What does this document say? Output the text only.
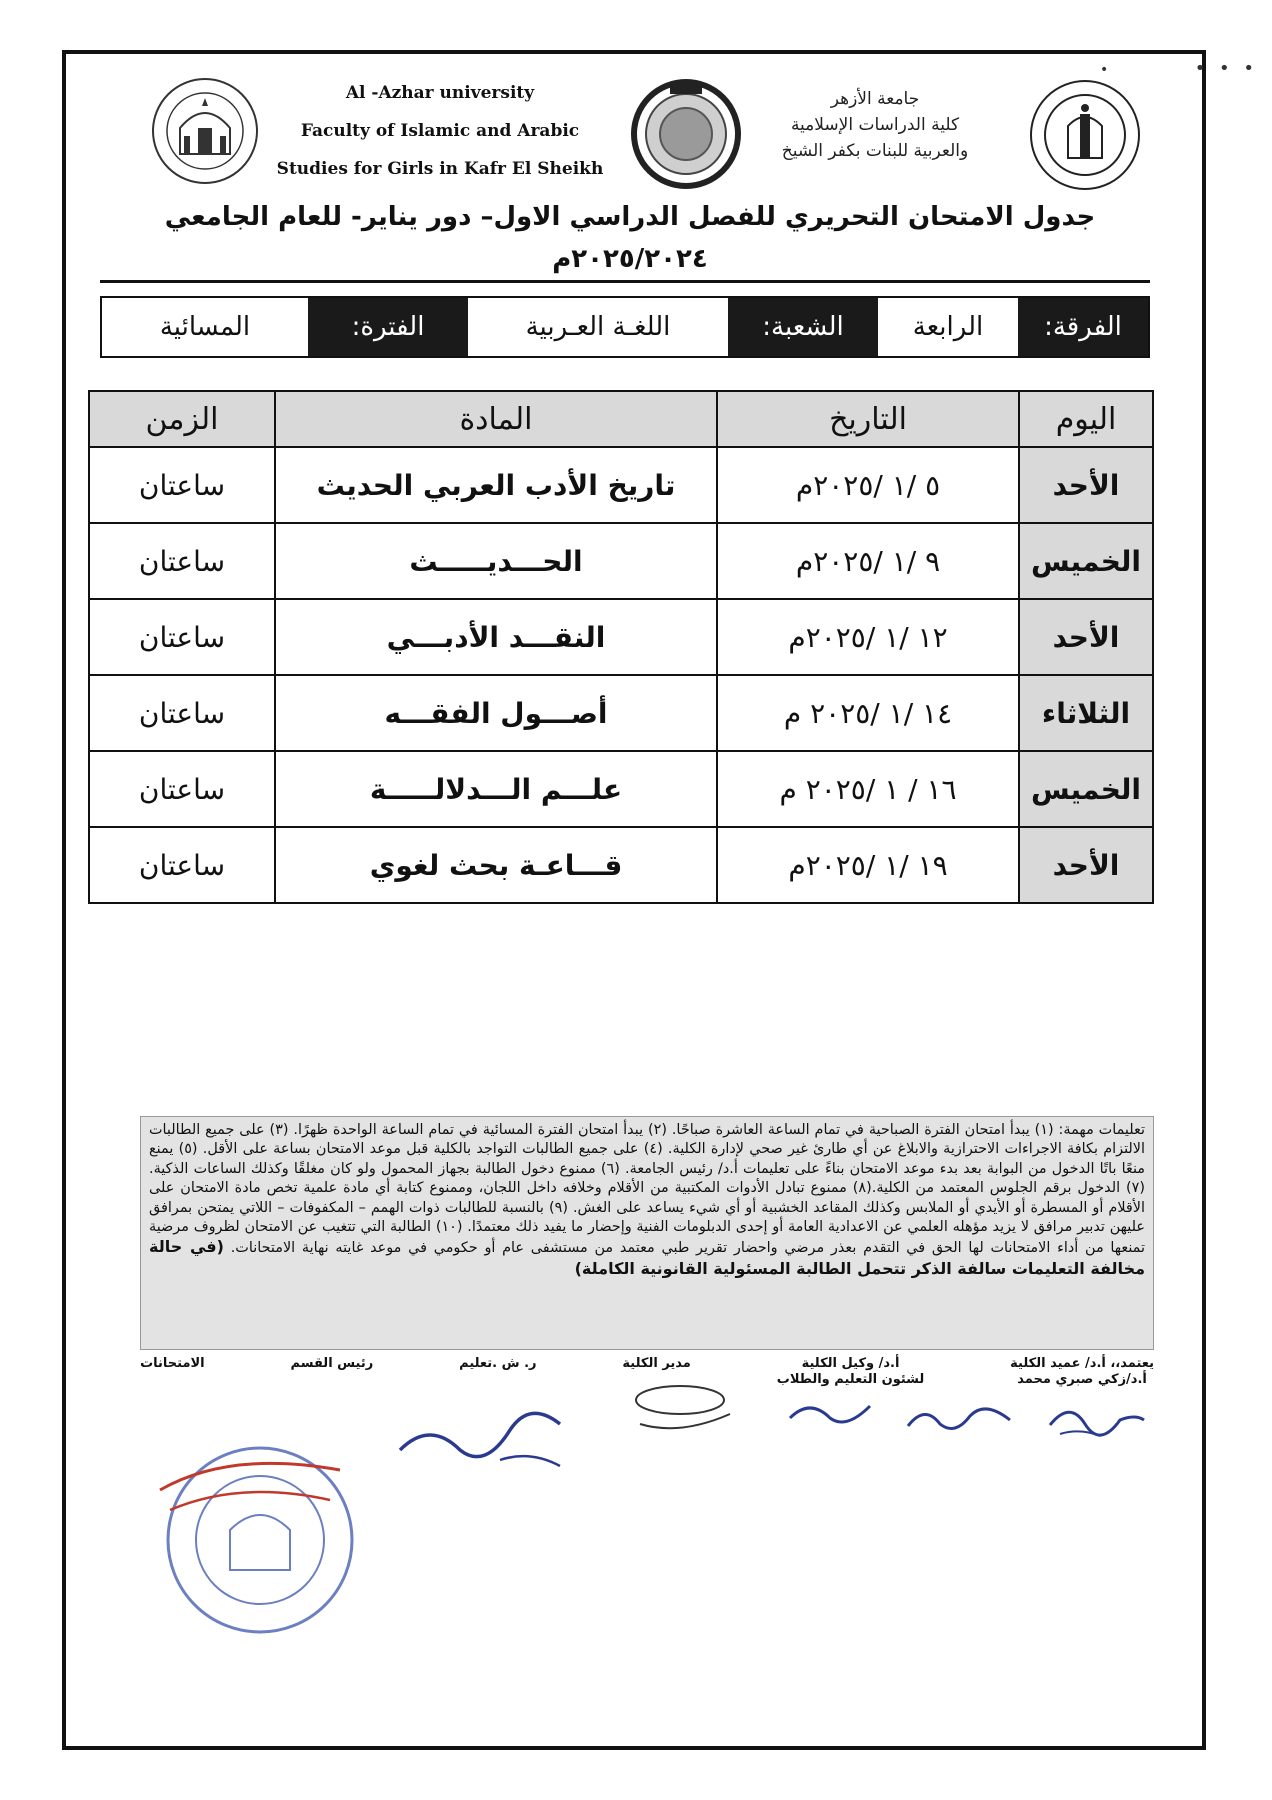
•
Al -Azhar university
Faculty of Islamic and Arabic
Studies for Girls in Kafr El Sheikh
جامعة الأزهر
كلية الدراسات الإسلامية
والعربية للبنات بكفر الشيخ
• • •
جدول الامتحان التحريري للفصل الدراسي الاول– دور يناير- للعام الجامعي
٢٠٢٥/٢٠٢٤م
الفرقة:
الرابعة
الشعبة:
اللغـة العـربية
الفترة:
المسائية
اليوم	التاريخ	المادة	الزمن
الأحد	٥ /١ /٢٠٢٥م	تاريخ الأدب العربي الحديث	ساعتان
الخميس	٩ /١ /٢٠٢٥م	الحـــديـــــث	ساعتان
الأحد	١٢ /١ /٢٠٢٥م	النقـــد الأدبـــي	ساعتان
الثلاثاء	١٤ /١ /٢٠٢٥ م	أصـــول الفقـــه	ساعتان
الخميس	١٦ / ١ /٢٠٢٥ م	علـــم الـــدلالـــــة	ساعتان
الأحد	١٩ /١ /٢٠٢٥م	قـــاعـة بحث لغوي	ساعتان
تعليمات مهمة: (١) يبدأ امتحان الفترة الصباحية في تمام الساعة العاشرة صباحًا. (٢) يبدأ امتحان الفترة المسائية في تمام الساعة الواحدة ظهرًا. (٣) على جميع الطالبات الالتزام بكافة الاجراءات الاحترازية والابلاغ عن أي طارئ غير صحي لإدارة الكلية. (٤) على جميع الطالبات التواجد بالكلية قبل موعد الامتحان بساعة على الأقل. (٥) يمنع منعًا باتًا الدخول من البوابة بعد بدء موعد الامتحان بناءً على تعليمات أ.د/ رئيس الجامعة. (٦) ممنوع دخول الطالبة بجهاز المحمول ولو كان مغلقًا وكذلك الساعات الذكية. (٧) الدخول برقم الجلوس المعتمد من الكلية.(٨) ممنوع تبادل الأدوات المكتبية من الأقلام وخلافه داخل اللجان، وممنوع كتابة أي مادة علمية تخص مادة الامتحان على الأقلام أو المسطرة أو الأيدي أو الملابس وكذلك المقاعد الخشبية أو أي شيء يساعد على الغش. (٩) بالنسبة للطالبات ذوات الهمم – المكفوفات – اللاتي يمتحن بمرافق عليهن تدبير مرافق لا يزيد مؤهله العلمي عن الاعدادية العامة أو إحدى الدبلومات الفنية وإحضار ما يفيد ذلك معتمدًا. (١٠) الطالبة التي تتغيب عن الامتحان لظروف مرضية تمنعها من أداء الامتحانات لها الحق في التقدم بعذر مرضي واحضار تقرير طبي معتمد من مستشفى عام أو حكومي في موعد غايته نهاية الامتحانات. (في حالة مخالفة التعليمات سالفة الذكر تتحمل الطالبة المسئولية القانونية الكاملة)
الامتحانات	رئيس القسم	ر. ش .تعليم	مدير الكلية	أ.د/ وكيل الكلية
لشئون التعليم والطلاب
يعتمد،، أ.د/ عميد الكلية
أ.د/زكي صبري محمد
